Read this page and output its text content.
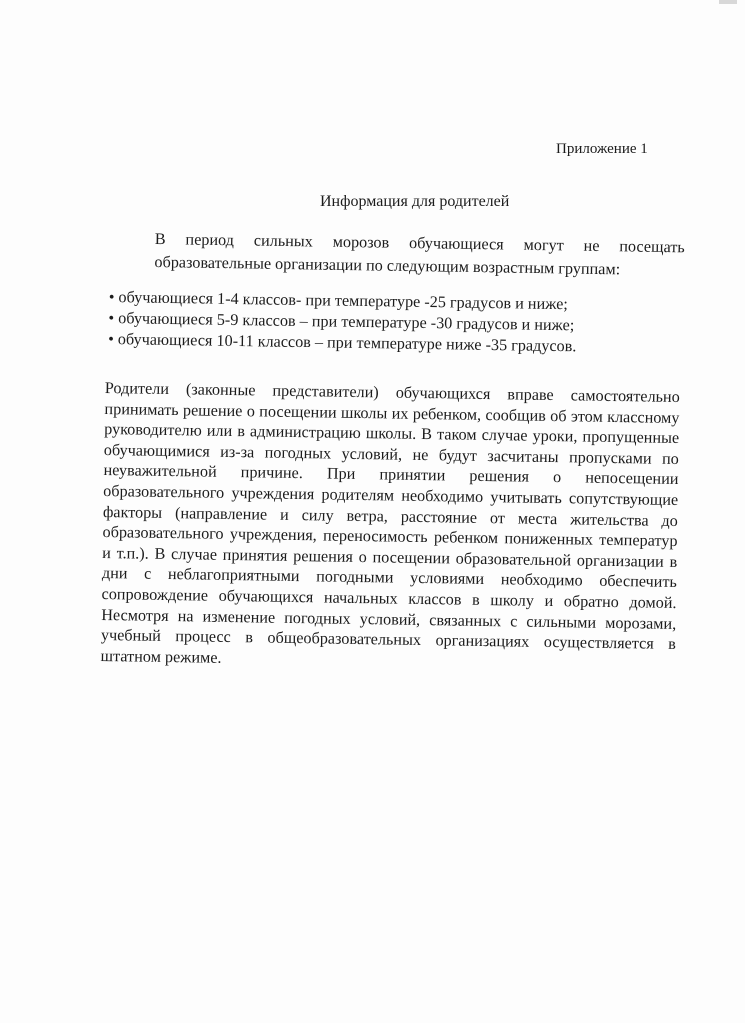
Приложение 1
Информация для родителей
В период сильных морозов обучающиеся могут не посещать
образовательные организации по следующим возрастным группам:
• обучающиеся 1-4 классов- при температуре -25 градусов и ниже;
• обучающиеся 5-9 классов – при температуре -30 градусов и ниже;
• обучающиеся 10-11 классов – при температуре ниже -35 градусов.
Родители (законные представители) обучающихся вправе самостоятельно принимать решение о посещении школы их ребенком, сообщив об этом классному руководителю или в администрацию школы. В таком случае уроки, пропущенные обучающимися из-за погодных условий, не будут засчитаны пропусками по неуважительной причине. При принятии решения о непосещении образовательного учреждения родителям необходимо учитывать сопутствующие факторы (направление и силу ветра, расстояние от места жительства до образовательного учреждения, переносимость ребенком пониженных температур и т.п.). В случае принятия решения о посещении образовательной организации в дни с неблагоприятными погодными условиями необходимо обеспечить сопровождение обучающихся начальных классов в школу и обратно домой. Несмотря на изменение погодных условий, связанных с сильными морозами, учебный процесс в общеобразовательных организациях осуществляется в штатном режиме.
